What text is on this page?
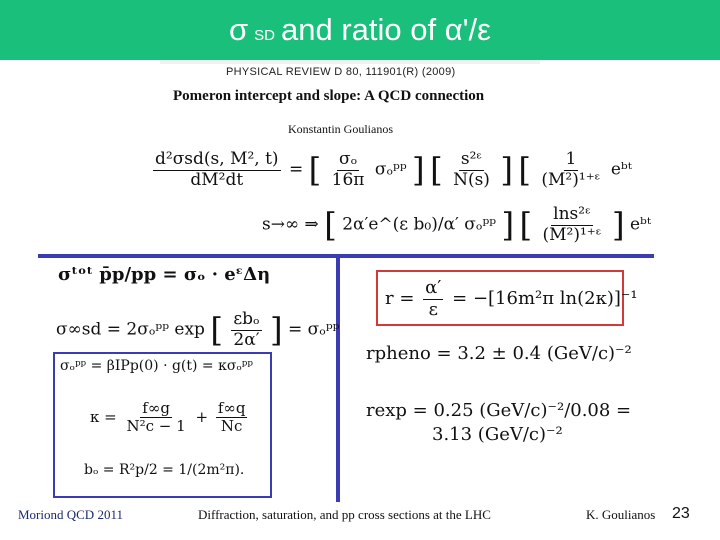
σ SD and ratio of α'/ε
PHYSICAL REVIEW D 80, 111901(R) (2009)
Pomeron intercept and slope: A QCD connection
Konstantin Goulianos
$\frac{\text{d²σsd(s, M², t)}}{\text{dM²dt}}$ = [ $\frac{\text{σₒ}}{16\pi}$ σₒᵖᵖ ] [ $\frac{\text{s²ᵋ}}{N(s)}$ ] [ $\frac{1}{\text{(M²)¹⁺ᵋ}}$ eᵇᵗ
s→∞ ⇒ [ 2α′e^(ε b₀)/α′ σₒᵖᵖ ] [ $\frac{\text{lns²ᵋ}}{\text{(M²)¹⁺ᵋ}}$ ] eᵇᵗ
σᵗᵒᵗ p̄p/pp = σₒ · eᵋΔη
σ∞sd = 2σₒᵖᵖ exp [ $\frac{\text{εbₒ}}{2\alpha'}$ ] = σₒᵖᵖ
σₒᵖᵖ = βIPp(0) · g(t) = κσₒᵖᵖ
$\kappa = \frac{f\infty g}{\text{N²c − 1}} + \frac{f\infty q}{Nc}$
bₒ = R²p/2 = 1/(2m²π).
$r = \frac{\alpha'}{\varepsilon} = -[16m^2\pi$ ln(2κ)]⁻¹
rpheno = 3.2 ± 0.4 (GeV/c)⁻²
rexp = 0.25 (GeV/c)⁻²/0.08 =
3.13 (GeV/c)⁻²
Moriond QCD 2011	Diffraction, saturation, and pp cross sections at the LHC	K. Goulianos 23
